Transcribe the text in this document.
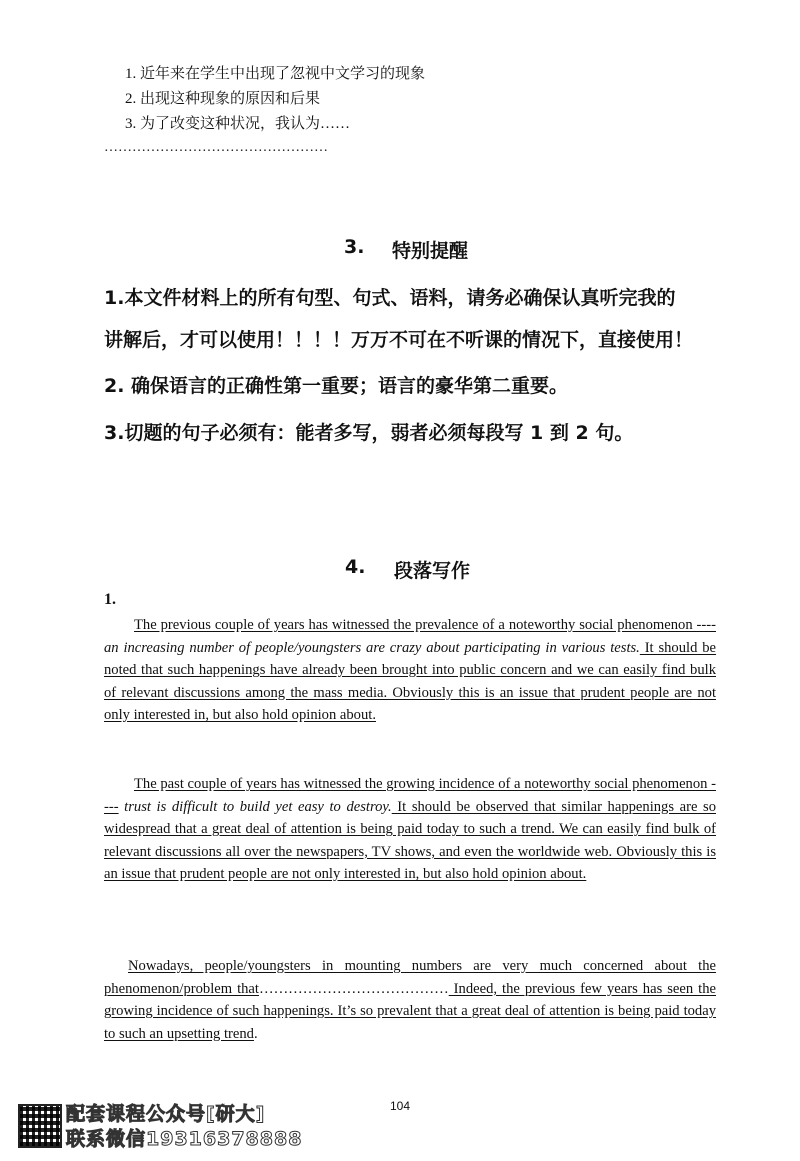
1. 近年来在学生中出现了忽视中文学习的现象
2. 出现这种现象的原因和后果
3. 为了改变这种状况，我认为……
…………………………………………
3. 特别提醒
1.本文件材料上的所有句型、句式、语料，请务必确保认真听完我的
讲解后，才可以使用！！！！万万不可在不听课的情况下，直接使用！
2. 确保语言的正确性第一重要；语言的豪华第二重要。
3.切题的句子必须有：能者多写，弱者必须每段写 1 到 2 句。
4. 段落写作
1.
The previous couple of years has witnessed the prevalence of a noteworthy social phenomenon ---- an increasing number of people/youngsters are crazy about participating in various tests. It should be noted that such happenings have already been brought into public concern and we can easily find bulk of relevant discussions among the mass media. Obviously this is an issue that prudent people are not only interested in, but also hold opinion about.
The past couple of years has witnessed the growing incidence of a noteworthy social phenomenon ---- trust is difficult to build yet easy to destroy. It should be observed that similar happenings are so widespread that a great deal of attention is being paid today to such a trend. We can easily find bulk of relevant discussions all over the newspapers, TV shows, and even the worldwide web. Obviously this is an issue that prudent people are not only interested in, but also hold opinion about.
Nowadays, people/youngsters in mounting numbers are very much concerned about the phenomenon/problem that………………………………… Indeed, the previous few years has seen the growing incidence of such happenings. It’s so prevalent that a great deal of attention is being paid today to such an upsetting trend.
104
配套课程公众号[研大]
联系微信19316378888
